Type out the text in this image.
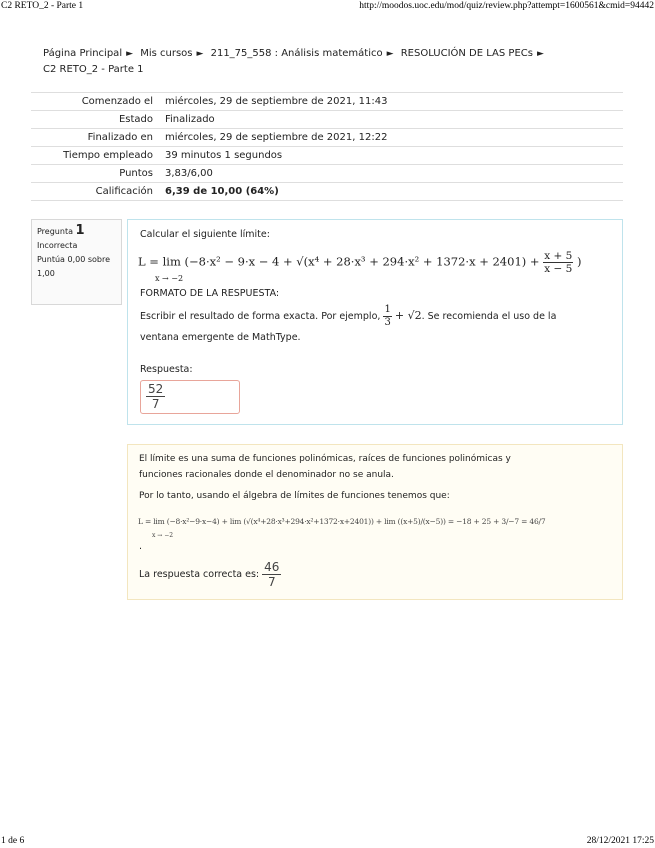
C2 RETO_2 - Parte 1	http://moodos.uoc.edu/mod/quiz/review.php?attempt=1600561&cmid=94442
Página Principal ► Mis cursos ► 211_75_558 : Análisis matemático ► RESOLUCIÓN DE LAS PECs ►
C2 RETO_2 - Parte 1
Comenzado el	miércoles, 29 de septiembre de 2021, 11:43
Estado	Finalizado
Finalizado en	miércoles, 29 de septiembre de 2021, 12:22
Tiempo empleado	39 minutos 1 segundos
Puntos	3,83/6,00
Calificación	6,39 de 10,00 (64%)
Pregunta 1
Incorrecta
Puntúa 0,00 sobre
1,00
Calcular el siguiente límite:
$L = \lim (-8\cdot x^2 - 9\cdot x - 4 + √(x^4 + 28\cdot x^3 + 294\cdot x^2 + 1372\cdot x + 2401) + \frac{x + 5}{x - 5}$ )
x → −2
FORMATO DE LA RESPUESTA:
Escribir el resultado de forma exacta. Por ejemplo, $\frac{1}{3} + √2$. Se recomienda el uso de la
ventana emergente de MathType.
Respuesta:
$\frac{52}{7}$
El límite es una suma de funciones polinómicas, raíces de funciones polinómicas y
funciones racionales donde el denominador no se anula.
Por lo tanto, usando el álgebra de límites de funciones tenemos que:
L = lim (−8·x²−9·x−4) + lim (√(x⁴+28·x³+294·x²+1372·x+2401)) + lim ((x+5)/(x−5)) = −18 + 25 + 3/−7 = 46/7
x → −2
.
La respuesta correcta es: $\frac{46}{7}$
1 de 6	28/12/2021 17:25
